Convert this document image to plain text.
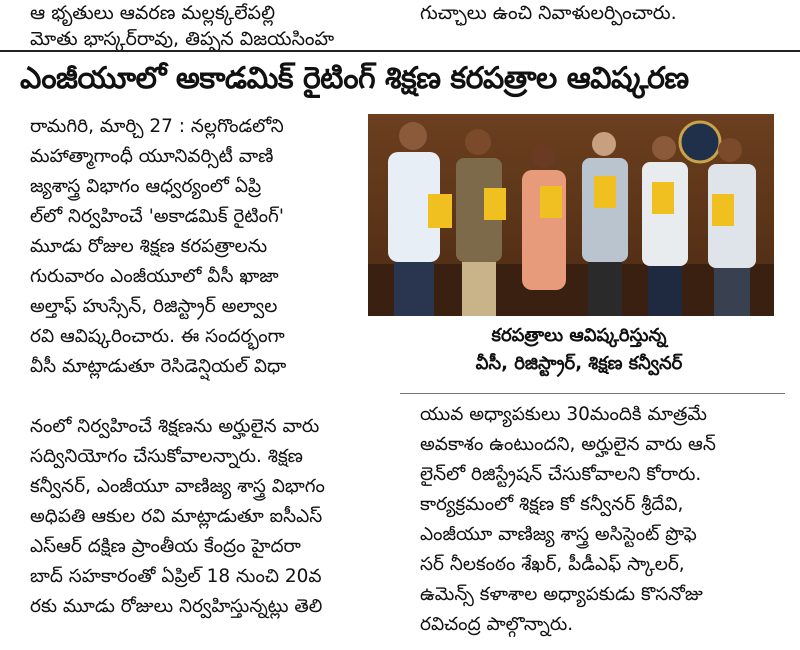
ఆ భృతులు ఆవరణ మల్లక్కలేపల్లి
మోతు భాస్కర్‌రావు, తిప్పన విజయసింహ
గుచ్ఛాలు ఉంచి నివాళులర్పించారు.
ఎంజీయూలో అకాడమిక్ రైటింగ్ శిక్షణ కరపత్రాల ఆవిష్కరణ
రామగిరి, మార్చి 27 : నల్లగొండలోని
మహాత్మాగాంధీ యూనివర్సిటీ వాణి
జ్యశాస్త్ర విభాగం ఆధ్వర్యంలో ఏప్రి
ల్‌లో నిర్వహించే 'అకాడమిక్ రైటింగ్'
మూడు రోజుల శిక్షణ కరపత్రాలను
గురువారం ఎంజీయూలో వీసీ ఖాజా
అల్తాఫ్ హుస్సేన్, రిజిస్ట్రార్ అల్వాల
రవి ఆవిష్కరించారు. ఈ సందర్భంగా
వీసీ మాట్లాడుతూ రెసిడెన్షియల్ విధా
నంలో నిర్వహించే శిక్షణను అర్హులైన వారు
సద్వినియోగం చేసుకోవాలన్నారు. శిక్షణ
కన్వీనర్, ఎంజీయూ వాణిజ్య శాస్త్ర విభాగం
అధిపతి ఆకుల రవి మాట్లాడుతూ ఐసీఎస్
ఎస్ఆర్ దక్షిణ ప్రాంతీయ కేంద్రం హైదరా
బాద్ సహకారంతో ఏప్రిల్ 18 నుంచి 20వ
రకు మూడు రోజులు నిర్వహిస్తున్నట్లు తెలి
కరపత్రాలు ఆవిష్కరిస్తున్న
వీసీ, రిజిస్ట్రార్, శిక్షణ కన్వీనర్
యువ అధ్యాపకులు 30మందికి మాత్రమే
అవకాశం ఉంటుందని, అర్హులైన వారు ఆన్
లైన్‌లో రిజిస్ట్రేషన్ చేసుకోవాలని కోరారు.
కార్యక్రమంలో శిక్షణ కో కన్వీనర్ శ్రీదేవి,
ఎంజీయూ వాణిజ్య శాస్త్ర అసిస్టెంట్ ప్రొఫె
సర్ నీలకంఠం శేఖర్, పీడీఎఫ్ స్కాలర్,
ఉమెన్స్ కళాశాల అధ్యాపకుడు కొసనోజు
రవిచంద్ర పాల్గొన్నారు.
